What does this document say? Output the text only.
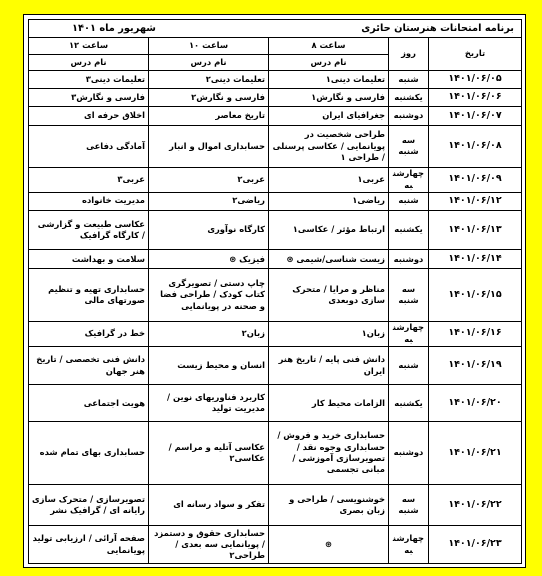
برنامه امتحانات هنرستان حائری
شهریور ماه ۱۴۰۱				

تاریخ	روز	ساعت ۸	ساعت ۱۰	ساعت ۱۲
		نام درس	نام درس	نام درس
۱۴۰۱/۰۶/۰۵	شنبه	تعلیمات دینی۱	تعلیمات دینی۲	تعلیمات دینی۳
۱۴۰۱/۰۶/۰۶	یکشنبه	فارسی و نگارش۱	فارسی و نگارش۲	فارسی و نگارش۳
۱۴۰۱/۰۶/۰۷	دوشنبه	جغرافیای ایران	تاریخ معاصر	اخلاق حرفه ای
۱۴۰۱/۰۶/۰۸	سه شنبه	طراحی شخصیت در پویانمایی / عکاسی پرسنلی / طراحی ۱	حسابداری اموال و انبار	آمادگی دفاعی
۱۴۰۱/۰۶/۰۹	چهارشنبه	عربی۱	عربی۲	عربی۳
۱۴۰۱/۰۶/۱۲	شنبه	ریاضی۱	ریاضی۲	مدیریت خانواده
۱۴۰۱/۰۶/۱۳	یکشنبه	ارتباط مؤثر / عکاسی۱	کارگاه نوآوری	عکاسی طبیعت و گزارشی / کارگاه گرافیک
۱۴۰۱/۰۶/۱۴	دوشنبه	زیست شناسی/شیمی ⊛	فیزیک ⊛	سلامت و بهداشت
۱۴۰۱/۰۶/۱۵	سه شنبه	مناظر و مرایا / متحرک سازی دوبعدی	چاپ دستی / تصویرگری کتاب کودک / طراحی فضا و صحنه در پویانمایی	حسابداری تهیه و تنظیم صورتهای مالی
۱۴۰۱/۰۶/۱۶	چهارشنبه	زبان۱	زبان۲	خط در گرافیک
۱۴۰۱/۰۶/۱۹	شنبه	دانش فنی پایه / تاریخ هنر ایران	انسان و محیط زیست	دانش فنی تخصصی / تاریخ هنر جهان
۱۴۰۱/۰۶/۲۰	یکشنبه	الزامات محیط کار	کاربرد فناوریهای نوین / مدیریت تولید	هویت اجتماعی
۱۴۰۱/۰۶/۲۱	دوشنبه	حسابداری خرید و فروش / حسابداری وجوه نقد / تصویرسازی آموزشی / مبانی تجسمی	عکاسی آتلیه و مراسم / عکاسی۲	حسابداری بهای تمام شده
۱۴۰۱/۰۶/۲۲	سه شنبه	خوشنویسی / طراحی و زبان بصری	تفکر و سواد رسانه ای	تصویرسازی / متحرک سازی رایانه ای / گرافیک نشر
۱۴۰۱/۰۶/۲۳	چهارشنبه	⊛	حسابداری حقوق و دستمزد / پویانمایی سه بعدی / طراحی۲	صفحه آرائی / ارزیابی تولید پویانمایی
